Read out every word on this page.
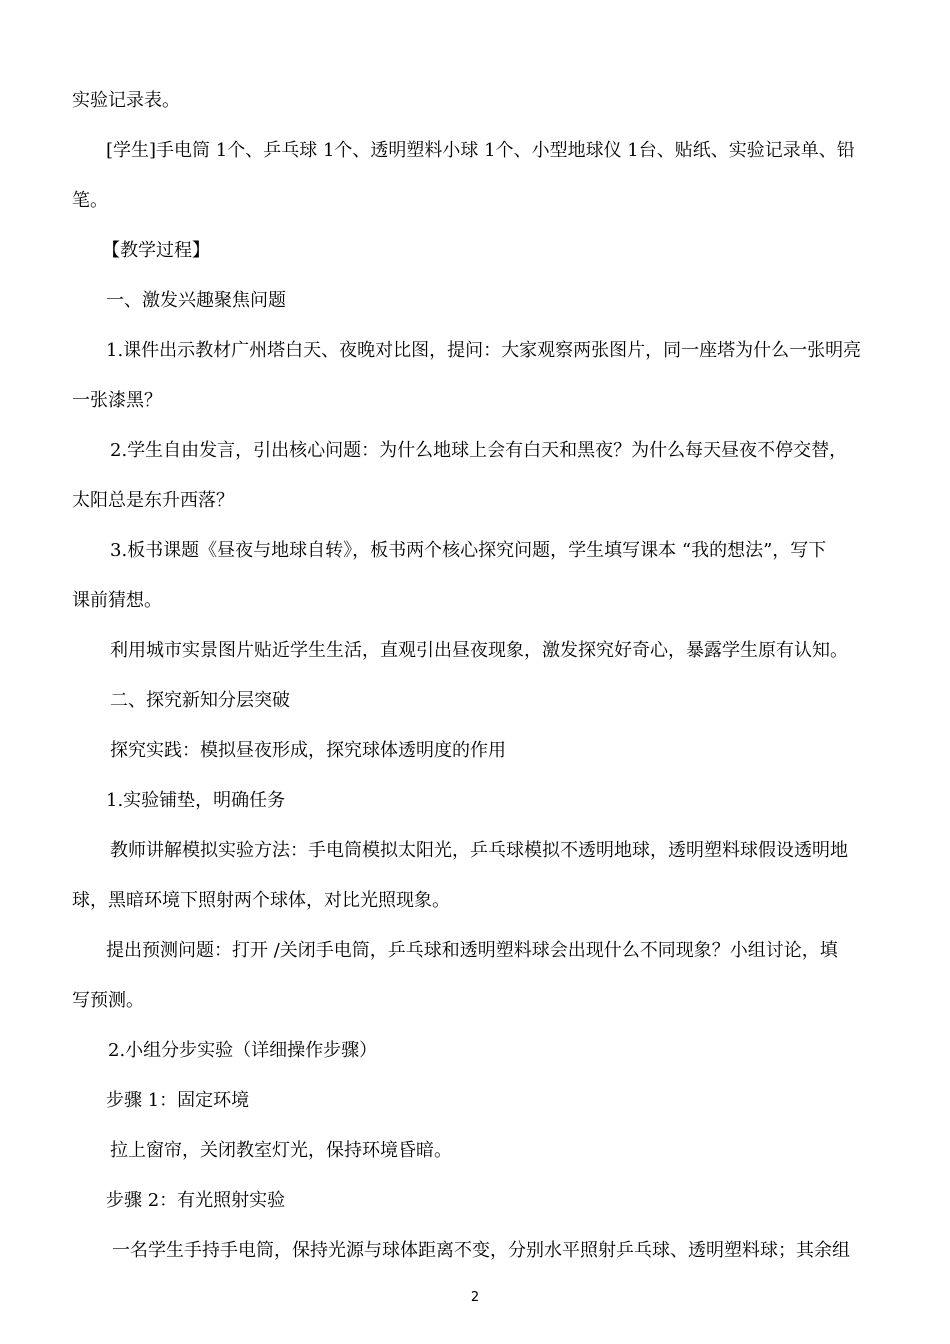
实验记录表。
[学生]手电筒 1个、乒乓球 1个、透明塑料小球 1个、小型地球仪 1台、贴纸、实验记录单、铅
笔。
【教学过程】
一、激发兴趣聚焦问题
1.课件出示教材广州塔白天、夜晚对比图，提问：大家观察两张图片，同一座塔为什么一张明亮
一张漆黑？
2.学生自由发言，引出核心问题：为什么地球上会有白天和黑夜？为什么每天昼夜不停交替，
太阳总是东升西落？
3.板书课题《昼夜与地球自转》，板书两个核心探究问题，学生填写课本 “我的想法”，写下
课前猜想。
利用城市实景图片贴近学生生活，直观引出昼夜现象，激发探究好奇心，暴露学生原有认知。
二、探究新知分层突破
探究实践：模拟昼夜形成，探究球体透明度的作用
1.实验铺垫，明确任务
教师讲解模拟实验方法：手电筒模拟太阳光，乒乓球模拟不透明地球，透明塑料球假设透明地
球，黑暗环境下照射两个球体，对比光照现象。
提出预测问题：打开 /关闭手电筒，乒乓球和透明塑料球会出现什么不同现象？小组讨论，填
写预测。
2.小组分步实验（详细操作步骤）
步骤 1：固定环境
拉上窗帘，关闭教室灯光，保持环境昏暗。
步骤 2：有光照射实验
一名学生手持手电筒，保持光源与球体距离不变，分别水平照射乒乓球、透明塑料球；其余组
2
